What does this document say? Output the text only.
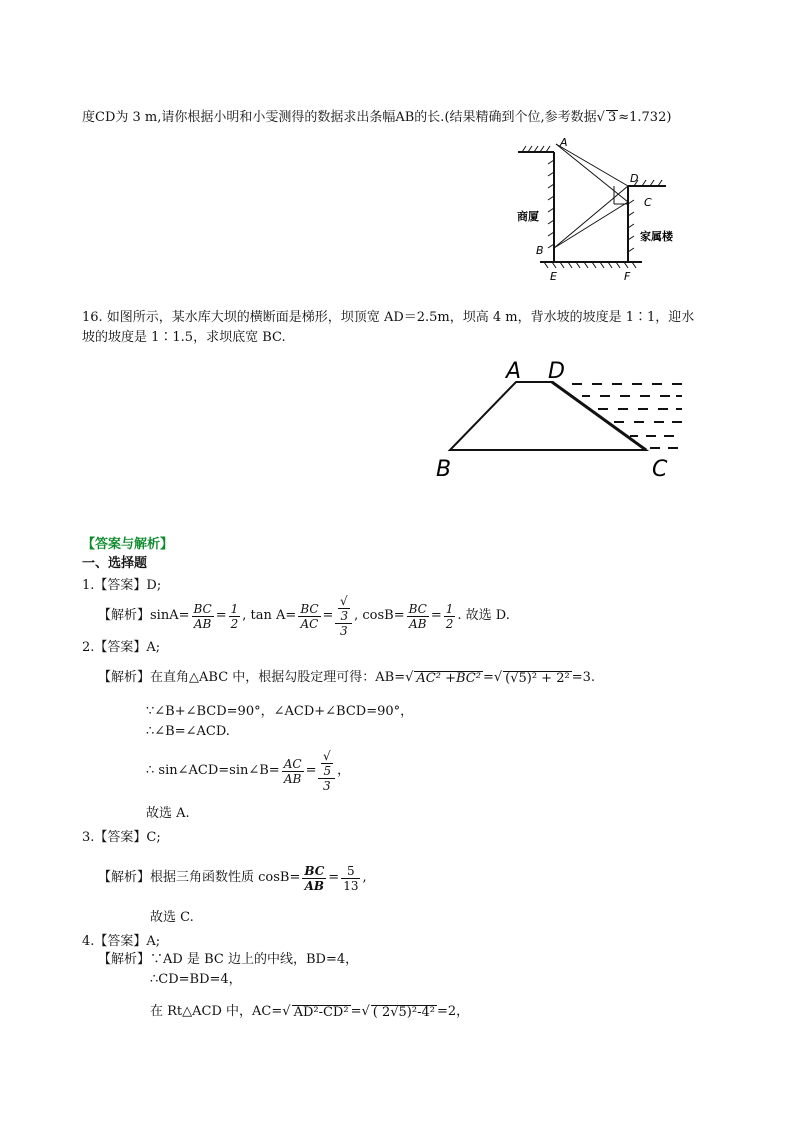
度CD为 3 m,请你根据小明和小雯测得的数据求出条幅AB的长.(结果精确到个位,参考数据√ 3 ≈1.732)
A
D
C
B
E	F
商厦
家属楼
16. 如图所示，某水库大坝的横断面是梯形，坝顶宽 AD＝2.5m，坝高 4 m，背水坡的坡度是 1∶1，迎水
坡的坡度是 1∶1.5，求坝底宽 BC.
A D
B	C
【答案与解析】
一、选择题
1.【答案】D;
【解析】 $\sin A= \frac{BC}{AB} = \frac{1}{2}$ , $\tan A= \frac{BC}{AC}$ = √
3
3 , $\cos B= \frac{BC}{AB} = \frac{1}{2}$ . 故选 D.
2.【答案】A;
【解析】 在直角△ABC 中，根据勾股定理可得：AB= √ AC² +BC² = √ (√5)² + 2² =3.
∵∠B+∠BCD=90°，∠ACD+∠BCD=90°，
∴∠B=∠ACD.
∴ sin∠ACD=sin∠B= $\frac{AC}{AB}$ = √
5
3 ，
故选 A.
3.【答案】C;
【解析】 根据三角函数性质 $\cos B= \frac{BC}{AB} = \frac{5}{13}$ ,
故选 C.
4.【答案】A;
【解析】∵AD 是 BC 边上的中线，BD=4，
∴CD=BD=4，
在 Rt△ACD 中，AC= √ AD²-CD² = √ ( 2√5)²-4² =2，
